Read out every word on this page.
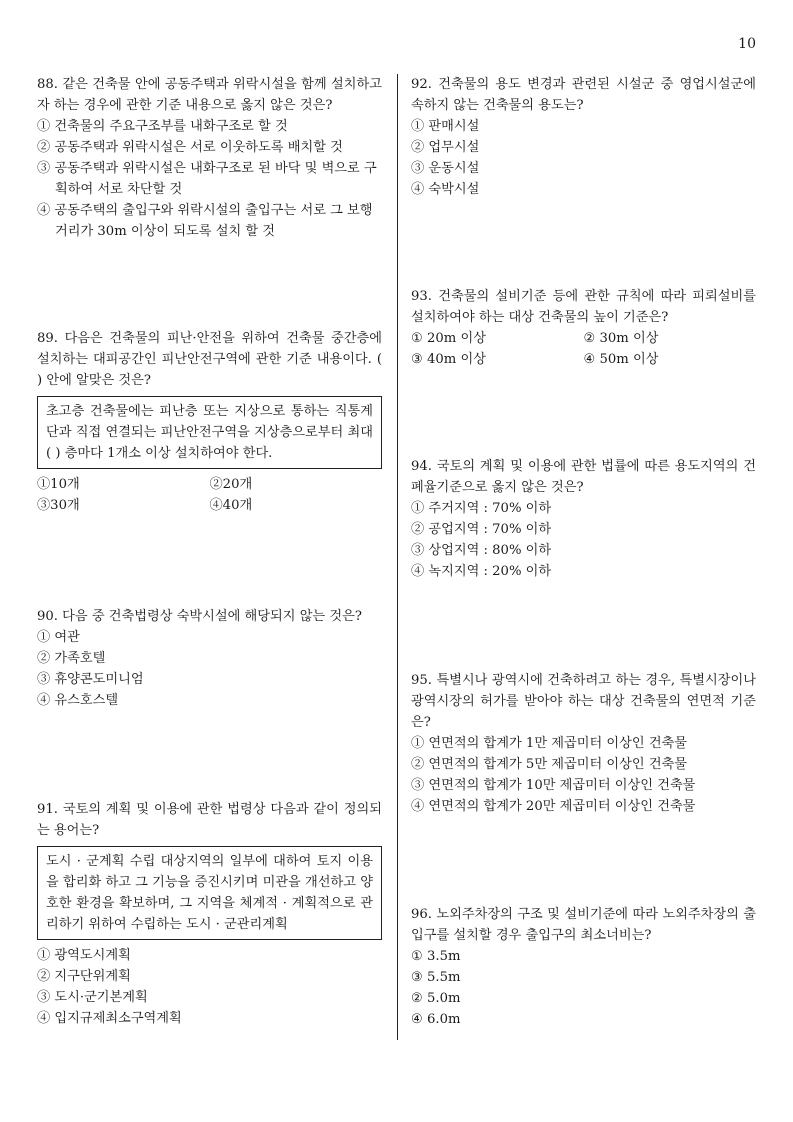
10
88. 같은 건축물 안에 공동주택과 위락시설을 함께 설치하고자 하는 경우에 관한 기준 내용으로 옳지 않은 것은?
① 건축물의 주요구조부를 내화구조로 할 것
② 공동주택과 위락시설은 서로 이웃하도록 배치할 것
③ 공동주택과 위락시설은 내화구조로 된 바닥 및 벽으로 구획하여 서로 차단할 것
④ 공동주택의 출입구와 위락시설의 출입구는 서로 그 보행거리가 30m 이상이 되도록 설치 할 것
89. 다음은 건축물의 피난·안전을 위하여 건축물 중간층에 설치하는 대피공간인 피난안전구역에 관한 기준 내용이다. ( ) 안에 알맞은 것은?
초고층 건축물에는 피난층 또는 지상으로 통하는 직통계단과 직접 연결되는 피난안전구역을 지상층으로부터 최대 ( ) 층마다 1개소 이상 설치하여야 한다.
①10개	②20개
③30개	④40개
90. 다음 중 건축법령상 숙박시설에 해당되지 않는 것은?
① 여관
② 가족호텔
③ 휴양콘도미니엄
④ 유스호스텔
91. 국토의 계획 및 이용에 관한 법령상 다음과 같이 정의되는 용어는?
도시 · 군계획 수립 대상지역의 일부에 대하여 토지 이용을 합리화 하고 그 기능을 증진시키며 미관을 개선하고 양호한 환경을 확보하며, 그 지역을 체계적 · 계획적으로 관리하기 위하여 수립하는 도시 · 군관리계획
① 광역도시계획
② 지구단위계획
③ 도시·군기본계획
④ 입지규제최소구역계획
92. 건축물의 용도 변경과 관련된 시설군 중 영업시설군에 속하지 않는 건축물의 용도는?
① 판매시설
② 업무시설
③ 운동시설
④ 숙박시설
93. 건축물의 설비기준 등에 관한 규칙에 따라 피뢰설비를 설치하여야 하는 대상 건축물의 높이 기준은?
① 20m 이상	② 30m 이상
③ 40m 이상	④ 50m 이상
94. 국토의 계획 및 이용에 관한 법률에 따른 용도지역의 건폐율기준으로 옳지 않은 것은?
① 주거지역 : 70% 이하
② 공업지역 : 70% 이하
③ 상업지역 : 80% 이하
④ 녹지지역 : 20% 이하
95. 특별시나 광역시에 건축하려고 하는 경우, 특별시장이나 광역시장의 허가를 받아야 하는 대상 건축물의 연면적 기준은?
① 연면적의 합계가 1만 제곱미터 이상인 건축물
② 연면적의 합계가 5만 제곱미터 이상인 건축물
③ 연면적의 합계가 10만 제곱미터 이상인 건축물
④ 연면적의 합계가 20만 제곱미터 이상인 건축물
96. 노외주차장의 구조 및 설비기준에 따라 노외주차장의 출입구를 설치할 경우 출입구의 최소너비는?
① 3.5m
③ 5.5m
② 5.0m
④ 6.0m
